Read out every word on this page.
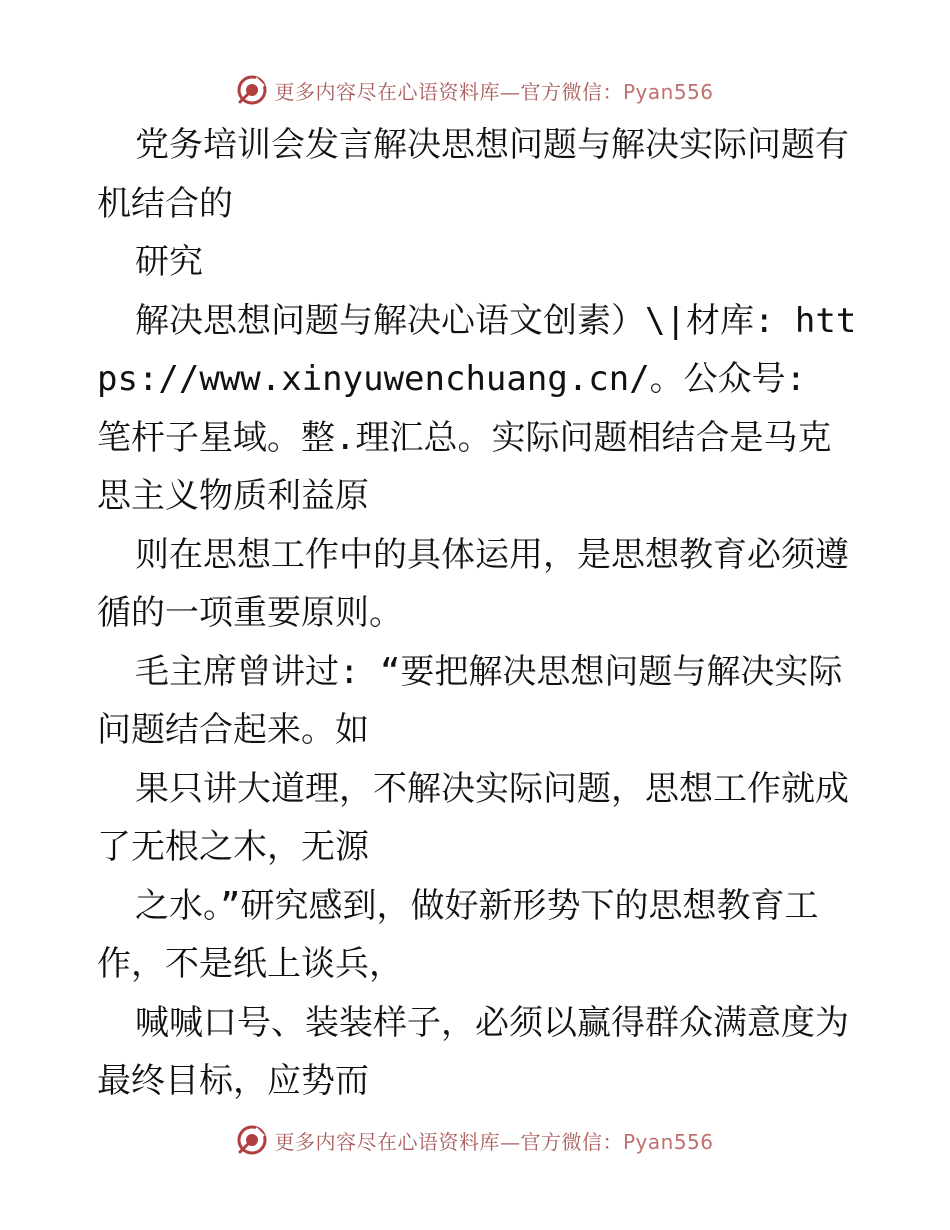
更多内容尽在心语资料库—官方微信：Pyan556

党务培训会发言解决思想问题与解决实际问题有机结合的

研究

解决思想问题与解决心语文创素）\|材库: https://www.xinyuwenchuang.cn/。公众号: 笔杆子星域。整.理汇总。实际问题相结合是马克思主义物质利益原

则在思想工作中的具体运用，是思想教育必须遵循的一项重要原则。

毛主席曾讲过: “要把解决思想问题与解决实际问题结合起来。如

果只讲大道理，不解决实际问题，思想工作就成了无根之木，无源

之水。”研究感到，做好新形势下的思想教育工作，不是纸上谈兵，

喊喊口号、装装样子，必须以赢得群众满意度为最终目标，应势而

更多内容尽在心语资料库—官方微信：Pyan556
